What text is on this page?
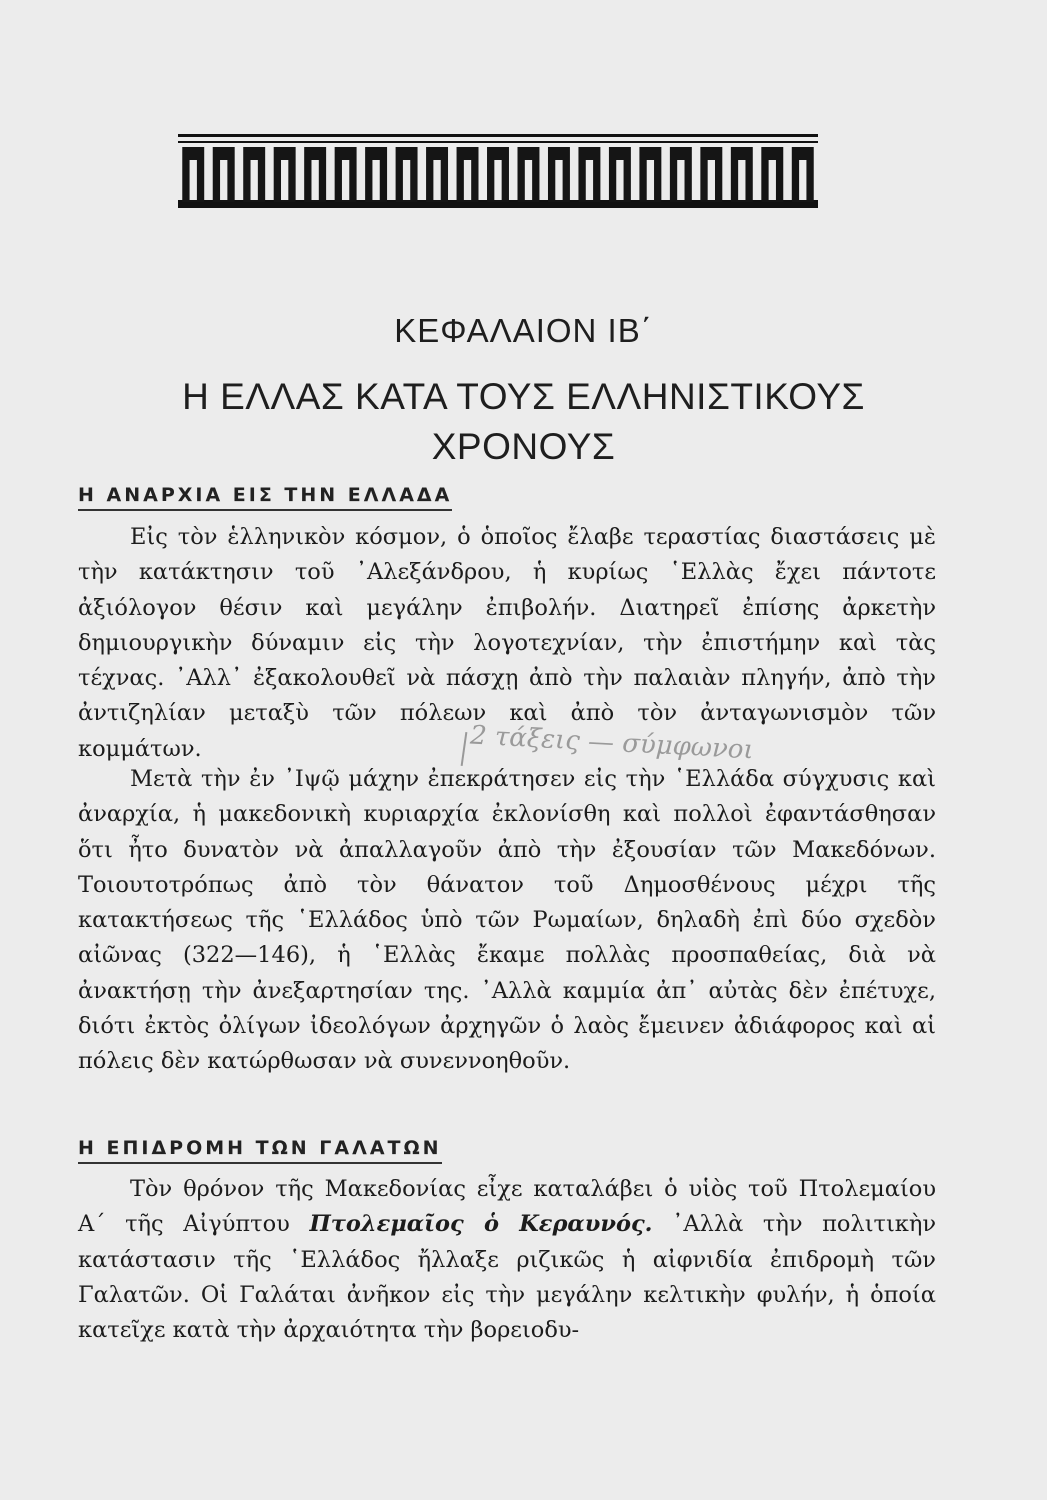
ΚΕΦΑΛΑΙΟΝ ΙΒ΄
Η ΕΛΛΑΣ ΚΑΤΑ ΤΟΥΣ ΕΛΛΗΝΙΣΤΙΚΟΥΣ
ΧΡΟΝΟΥΣ
Η ΑΝΑΡΧΙΑ ΕΙΣ ΤΗΝ ΕΛΛΑΔΑ
Εἰς τὸν ἑλληνικὸν κόσμον, ὁ ὁποῖος ἔλαβε τεραστίας διαστάσεις μὲ τὴν κατάκτησιν τοῦ ᾿Αλεξάνδρου, ἡ κυρίως ῾Ελλὰς ἔχει πάντοτε ἀξιόλογον θέσιν καὶ μεγάλην ἐπιβολήν. Διατηρεῖ ἐπίσης ἀρκετὴν δημιουργικὴν δύναμιν εἰς τὴν λογοτεχνίαν, τὴν ἐπιστήμην καὶ τὰς τέχνας. ᾿Αλλ᾿ ἐξακολουθεῖ νὰ πάσχῃ ἀπὸ τὴν παλαιὰν πληγήν, ἀπὸ τὴν ἀντιζηλίαν μεταξὺ τῶν πόλεων καὶ ἀπὸ τὸν ἀνταγωνισμὸν τῶν κομμάτων.	2 τάξεις — σύμφωνοι
Μετὰ τὴν ἐν ᾿Ιψῷ μάχην ἐπεκράτησεν εἰς τὴν ῾Ελλάδα σύγχυσις καὶ ἀναρχία, ἡ μακεδονικὴ κυριαρχία ἐκλονίσθη καὶ πολλοὶ ἐφαντάσθησαν ὅτι ἦτο δυνατὸν νὰ ἀπαλλαγοῦν ἀπὸ τὴν ἐξουσίαν τῶν Μακεδόνων. Τοιουτοτρόπως ἀπὸ τὸν θάνατον τοῦ Δημοσθένους μέχρι τῆς κατακτήσεως τῆς ῾Ελλάδος ὑπὸ τῶν Ρωμαίων, δηλαδὴ ἐπὶ δύο σχεδὸν αἰῶνας (322—146), ἡ ῾Ελλὰς ἔκαμε πολλὰς προσπαθείας, διὰ νὰ ἀνακτήσῃ τὴν ἀνεξαρτησίαν της. ᾿Αλλὰ καμμία ἀπ᾿ αὐτὰς δὲν ἐπέτυχε, διότι ἐκτὸς ὀλίγων ἰδεολόγων ἀρχηγῶν ὁ λαὸς ἔμεινεν ἀδιάφορος καὶ αἱ πόλεις δὲν κατώρθωσαν νὰ συνεννοηθοῦν.
Η ΕΠΙΔΡΟΜΗ ΤΩΝ ΓΑΛΑΤΩΝ
Τὸν θρόνον τῆς Μακεδονίας εἶχε καταλάβει ὁ υἱὸς τοῦ Πτολεμαίου Α΄ τῆς Αἰγύπτου Πτολεμαῖος ὁ Κεραυνός. ᾿Αλλὰ τὴν πολιτικὴν κατάστασιν τῆς ῾Ελλάδος ἤλλαξε ριζικῶς ἡ αἰφνιδία ἐπιδρομὴ τῶν Γαλατῶν. Οἱ Γαλάται ἀνῆκον εἰς τὴν μεγάλην κελτικὴν φυλήν, ἡ ὁποία κατεῖχε κατὰ τὴν ἀρχαιότητα τὴν βορειοδυ-
